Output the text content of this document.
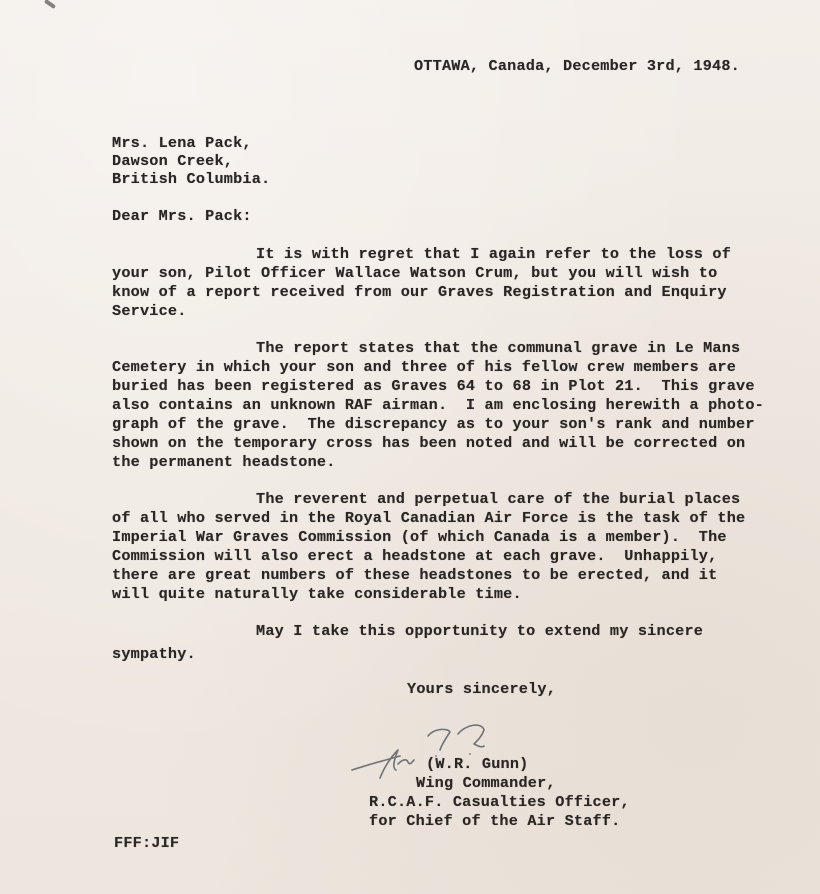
OTTAWA, Canada, December 3rd, 1948.
Mrs. Lena Pack,
Dawson Creek,
British Columbia.
Dear Mrs. Pack:
It is with regret that I again refer to the loss of
your son, Pilot Officer Wallace Watson Crum, but you will wish to
know of a report received from our Graves Registration and Enquiry
Service.
The report states that the communal grave in Le Mans
Cemetery in which your son and three of his fellow crew members are
buried has been registered as Graves 64 to 68 in Plot 21.  This grave
also contains an unknown RAF airman.  I am enclosing herewith a photo-
graph of the grave.  The discrepancy as to your son's rank and number
shown on the temporary cross has been noted and will be corrected on
the permanent headstone.
The reverent and perpetual care of the burial places
of all who served in the Royal Canadian Air Force is the task of the
Imperial War Graves Commission (of which Canada is a member).  The
Commission will also erect a headstone at each grave.  Unhappily,
there are great numbers of these headstones to be erected, and it
will quite naturally take considerable time.
May I take this opportunity to extend my sincere
sympathy.
Yours sincerely,
(W.R. Gunn)
Wing Commander,
R.C.A.F. Casualties Officer,
for Chief of the Air Staff.
FFF:JIF
